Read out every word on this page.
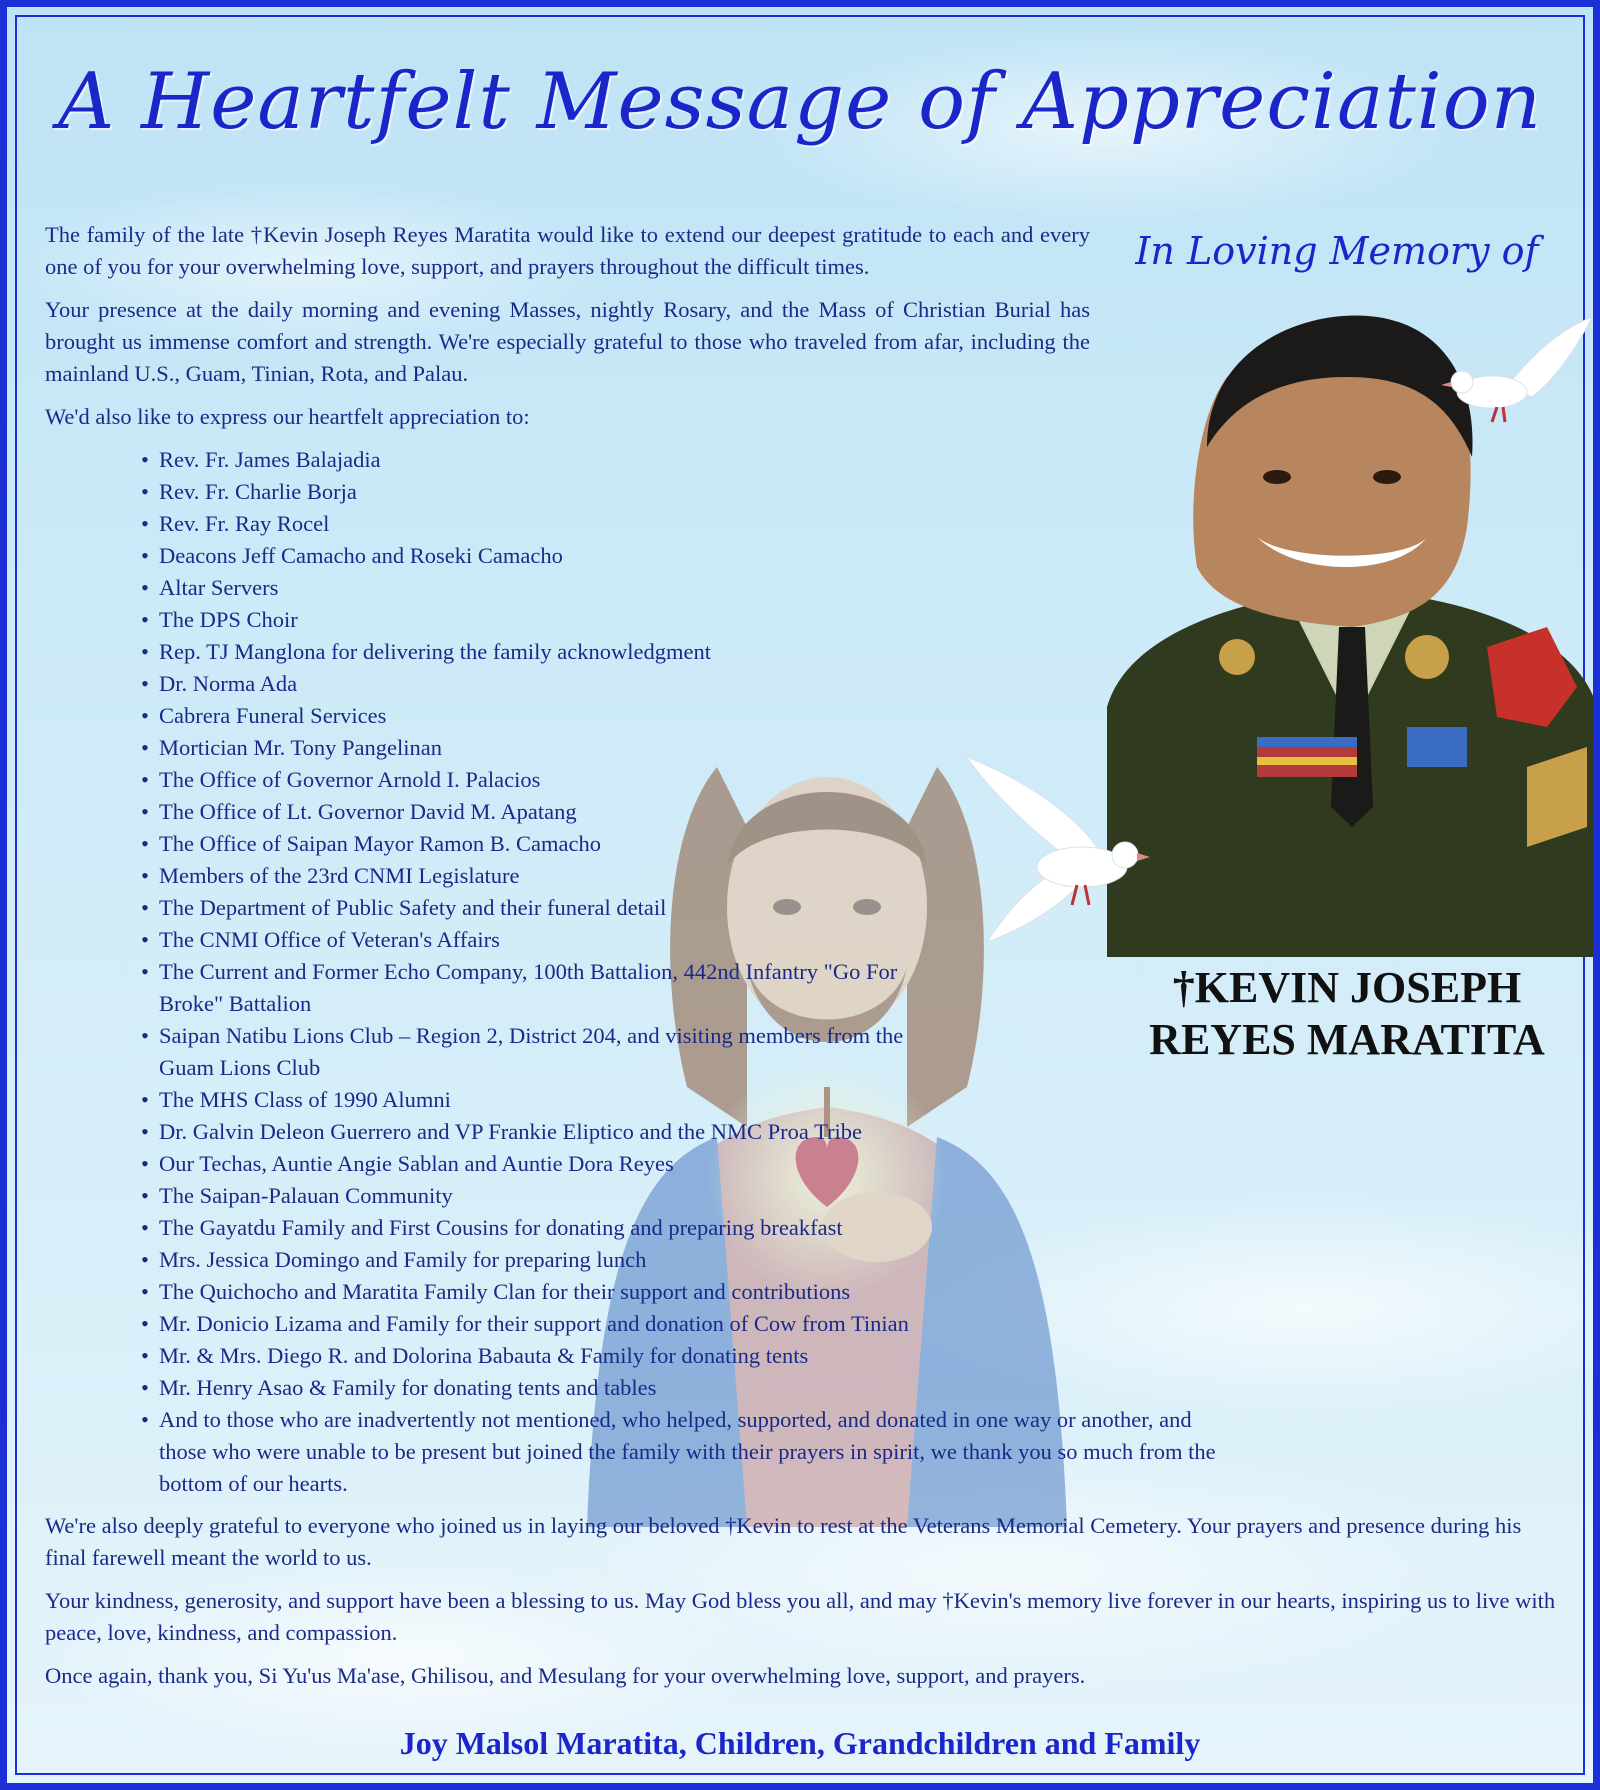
A Heartfelt Message of Appreciation
In Loving Memory of
†KEVIN JOSEPH
REYES MARATITA

The family of the late †Kevin Joseph Reyes Maratita would like to extend our deepest gratitude to each and every one of you for your overwhelming love, support, and prayers throughout the difficult times.

Your presence at the daily morning and evening Masses, nightly Rosary, and the Mass of Christian Burial has brought us immense comfort and strength. We're especially grateful to those who traveled from afar, including the mainland U.S., Guam, Tinian, Rota, and Palau.

We'd also like to express our heartfelt appreciation to:

• Rev. Fr. James Balajadia
• Rev. Fr. Charlie Borja
• Rev. Fr. Ray Rocel
• Deacons Jeff Camacho and Roseki Camacho
• Altar Servers
• The DPS Choir
• Rep. TJ Manglona for delivering the family acknowledgment
• Dr. Norma Ada
• Cabrera Funeral Services
• Mortician Mr. Tony Pangelinan
• The Office of Governor Arnold I. Palacios
• The Office of Lt. Governor David M. Apatang
• The Office of Saipan Mayor Ramon B. Camacho
• Members of the 23rd CNMI Legislature
• The Department of Public Safety and their funeral detail
• The CNMI Office of Veteran's Affairs
• The Current and Former Echo Company, 100th Battalion, 442nd Infantry "Go For Broke" Battalion
• Saipan Natibu Lions Club – Region 2, District 204, and visiting members from the Guam Lions Club
• The MHS Class of 1990 Alumni
• Dr. Galvin Deleon Guerrero and VP Frankie Eliptico and the NMC Proa Tribe
• Our Techas, Auntie Angie Sablan and Auntie Dora Reyes
• The Saipan-Palauan Community
• The Gayatdu Family and First Cousins for donating and preparing breakfast
• Mrs. Jessica Domingo and Family for preparing lunch
• The Quichocho and Maratita Family Clan for their support and contributions
• Mr. Donicio Lizama and Family for their support and donation of Cow from Tinian
• Mr. & Mrs. Diego R. and Dolorina Babauta & Family for donating tents
• Mr. Henry Asao & Family for donating tents and tables
• And to those who are inadvertently not mentioned, who helped, supported, and donated in one way or another, and those who were unable to be present but joined the family with their prayers in spirit, we thank you so much from the bottom of our hearts.

We're also deeply grateful to everyone who joined us in laying our beloved †Kevin to rest at the Veterans Memorial Cemetery. Your prayers and presence during his final farewell meant the world to us.

Your kindness, generosity, and support have been a blessing to us. May God bless you all, and may †Kevin's memory live forever in our hearts, inspiring us to live with peace, love, kindness, and compassion.

Once again, thank you, Si Yu'us Ma'ase, Ghilisou, and Mesulang for your overwhelming love, support, and prayers.

Joy Malsol Maratita, Children, Grandchildren and Family
